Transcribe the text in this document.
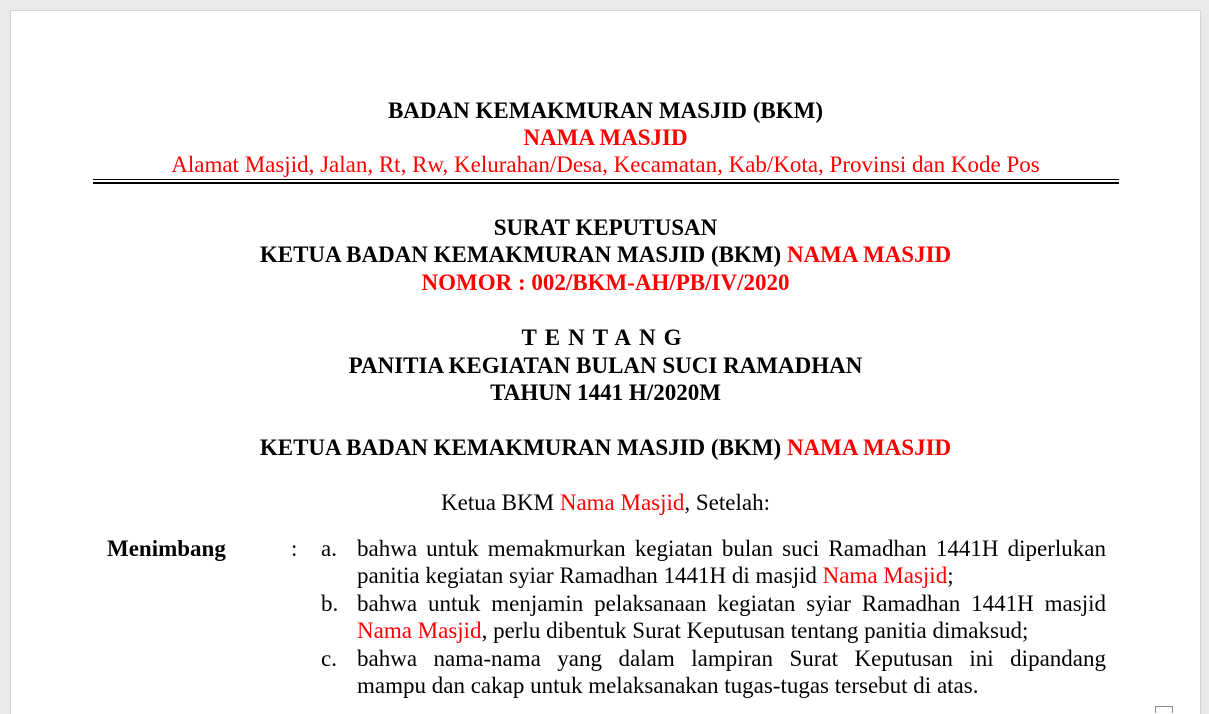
BADAN KEMAKMURAN MASJID (BKM)
NAMA MASJID
Alamat Masjid, Jalan, Rt, Rw, Kelurahan/Desa, Kecamatan, Kab/Kota, Provinsi dan Kode Pos
SURAT KEPUTUSAN
KETUA BADAN KEMAKMURAN MASJID (BKM) NAMA MASJID
NOMOR : 002/BKM-AH/PB/IV/2020
TENTANG
PANITIA KEGIATAN BULAN SUCI RAMADHAN
TAHUN 1441 H/2020M
KETUA BADAN KEMAKMURAN MASJID (BKM) NAMA MASJID
Ketua BKM Nama Masjid, Setelah:
Menimbang	: a. bahwa untuk memakmurkan kegiatan bulan suci Ramadhan 1441H diperlukan
panitia kegiatan syiar Ramadhan 1441H di masjid Nama Masjid;
b. bahwa untuk menjamin pelaksanaan kegiatan syiar Ramadhan 1441H masjid
Nama Masjid, perlu dibentuk Surat Keputusan tentang panitia dimaksud;
c. bahwa nama-nama yang dalam lampiran Surat Keputusan ini dipandang
mampu dan cakap untuk melaksanakan tugas-tugas tersebut di atas.
